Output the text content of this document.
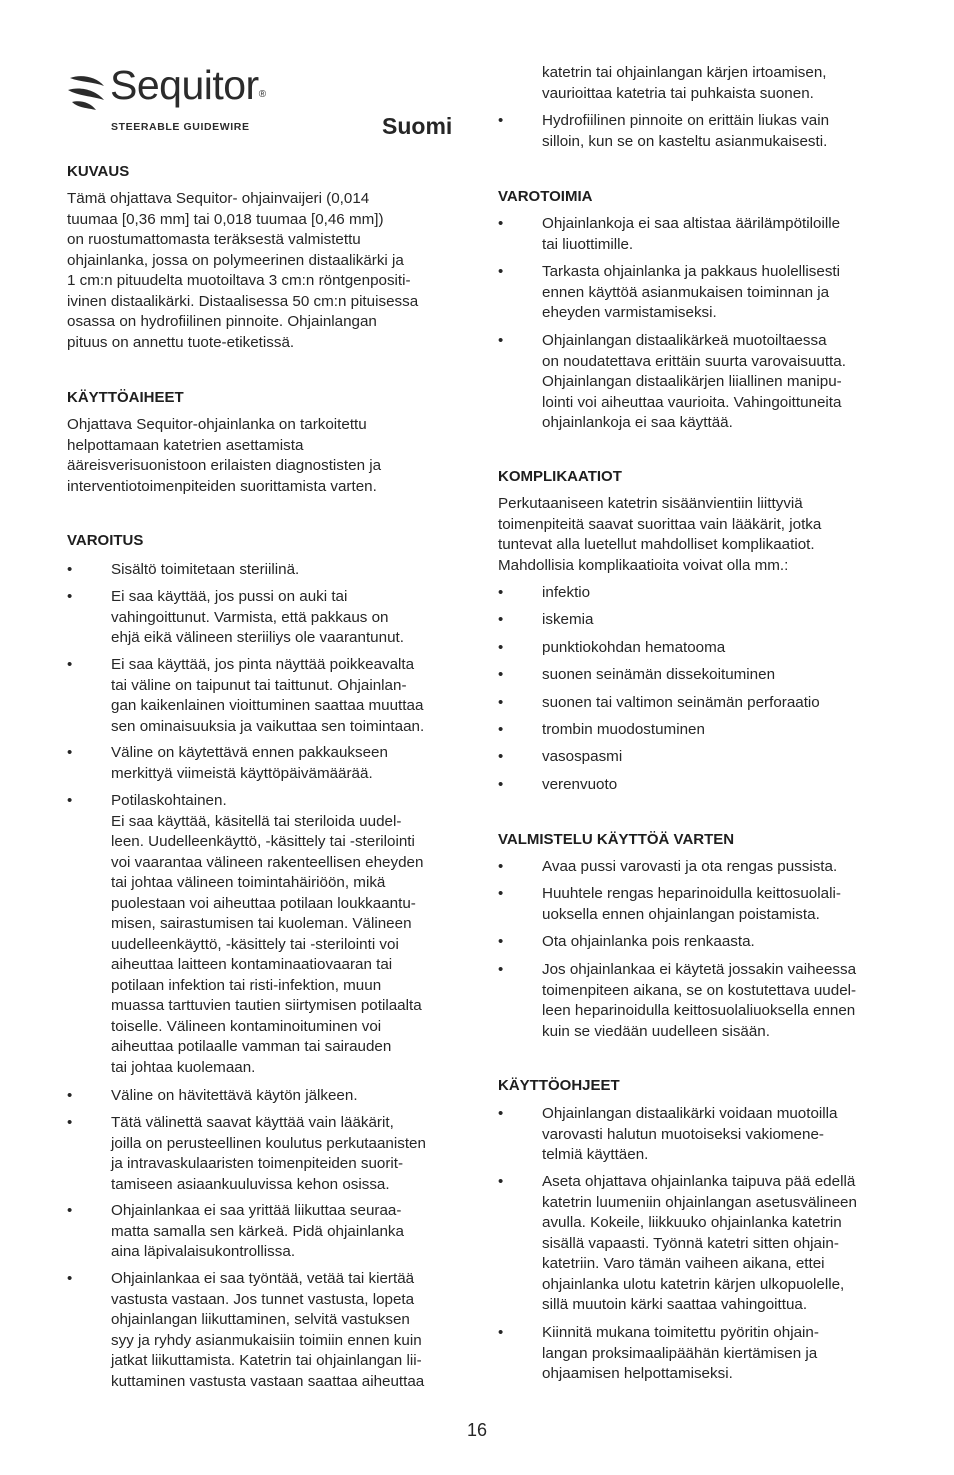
Sequitor®
STEERABLE GUIDEWIRE	Suomi
KUVAUS

Tämä ohjattava Sequitor- ohjainvaijeri (0,014
tuumaa [0,36 mm] tai 0,018 tuumaa [0,46 mm])
on ruostumattomasta teräksestä valmistettu
ohjainlanka, jossa on polymeerinen distaalikärki ja
1 cm:n pituudelta muotoiltava 3 cm:n röntgenpositi-
ivinen distaalikärki. Distaalisessa 50 cm:n pituisessa
osassa on hydrofiilinen pinnoite. Ohjainlangan
pituus on annettu tuote-etiketissä.

KÄYTTÖAIHEET

Ohjattava Sequitor-ohjainlanka on tarkoitettu
helpottamaan katetrien asettamista
ääreisverisuonistoon erilaisten diagnostisten ja
interventiotoimenpiteiden suorittamista varten.

VAROITUS
•	Sisältö toimitetaan steriilinä.
•	Ei saa käyttää, jos pussi on auki tai
vahingoittunut. Varmista, että pakkaus on
ehjä eikä välineen steriiliys ole vaarantunut.
•	Ei saa käyttää, jos pinta näyttää poikkeavalta
tai väline on taipunut tai taittunut. Ohjainlan-
gan kaikenlainen vioittuminen saattaa muuttaa
sen ominaisuuksia ja vaikuttaa sen toimintaan.
•	Väline on käytettävä ennen pakkaukseen
merkittyä viimeistä käyttöpäivämäärää.
•	Potilaskohtainen.
Ei saa käyttää, käsitellä tai steriloida uudel-
leen. Uudelleenkäyttö, -käsittely tai -sterilointi
voi vaarantaa välineen rakenteellisen eheyden
tai johtaa välineen toimintahäiriöön, mikä
puolestaan voi aiheuttaa potilaan loukkaantu-
misen, sairastumisen tai kuoleman. Välineen
uudelleenkäyttö, -käsittely tai -sterilointi voi
aiheuttaa laitteen kontaminaatiovaaran tai
potilaan infektion tai risti-infektion, muun
muassa tarttuvien tautien siirtymisen potilaalta
toiselle. Välineen kontaminoituminen voi
aiheuttaa potilaalle vamman tai sairauden
tai johtaa kuolemaan.
•	Väline on hävitettävä käytön jälkeen.
•	Tätä välinettä saavat käyttää vain lääkärit,
joilla on perusteellinen koulutus perkutaanisten
ja intravaskulaaristen toimenpiteiden suorit-
tamiseen asiaankuuluvissa kehon osissa.
•	Ohjainlankaa ei saa yrittää liikuttaa seuraa-
matta samalla sen kärkeä. Pidä ohjainlanka
aina läpivalaisukontrollissa.
•	Ohjainlankaa ei saa työntää, vetää tai kiertää
vastusta vastaan. Jos tunnet vastusta, lopeta
ohjainlangan liikuttaminen, selvitä vastuksen
syy ja ryhdy asianmukaisiin toimiin ennen kuin
jatkat liikuttamista. Katetrin tai ohjainlangan lii-
kuttaminen vastusta vastaan saattaa aiheuttaa
katetrin tai ohjainlangan kärjen irtoamisen,
vaurioittaa katetria tai puhkaista suonen.
•	Hydrofiilinen pinnoite on erittäin liukas vain
silloin, kun se on kasteltu asianmukaisesti.
VAROTOIMIA
•	Ohjainlankoja ei saa altistaa äärilämpötiloille
tai liuottimille.
•	Tarkasta ohjainlanka ja pakkaus huolellisesti
ennen käyttöä asianmukaisen toiminnan ja
eheyden varmistamiseksi.
•	Ohjainlangan distaalikärkeä muotoiltaessa
on noudatettava erittäin suurta varovaisuutta.
Ohjainlangan distaalikärjen liiallinen manipu-
lointi voi aiheuttaa vaurioita. Vahingoittuneita
ohjainlankoja ei saa käyttää.
KOMPLIKAATIOT

Perkutaaniseen katetrin sisäänvientiin liittyviä
toimenpiteitä saavat suorittaa vain lääkärit, jotka
tuntevat alla luetellut mahdolliset komplikaatiot.
Mahdollisia komplikaatioita voivat olla mm.:

•	infektio
•	iskemia
•	punktiokohdan hematooma
•	suonen seinämän dissekoituminen
•	suonen tai valtimon seinämän perforaatio
•	trombin muodostuminen
•	vasospasmi
•	verenvuoto
VALMISTELU KÄYTTÖÄ VARTEN
•	Avaa pussi varovasti ja ota rengas pussista.
•	Huuhtele rengas heparinoidulla keittosuolali-
uoksella ennen ohjainlangan poistamista.
•	Ota ohjainlanka pois renkaasta.
•	Jos ohjainlankaa ei käytetä jossakin vaiheessa
toimenpiteen aikana, se on kostutettava uudel-
leen heparinoidulla keittosuolaliuoksella ennen
kuin se viedään uudelleen sisään.
KÄYTTÖOHJEET
•	Ohjainlangan distaalikärki voidaan muotoilla
varovasti halutun muotoiseksi vakiomene-
telmiä käyttäen.
•	Aseta ohjattava ohjainlanka taipuva pää edellä
katetrin luumeniin ohjainlangan asetusvälineen
avulla. Kokeile, liikkuuko ohjainlanka katetrin
sisällä vapaasti. Työnnä katetri sitten ohjain-
katetriin. Varo tämän vaiheen aikana, ettei
ohjainlanka ulotu katetrin kärjen ulkopuolelle,
sillä muutoin kärki saattaa vahingoittua.
•	Kiinnitä mukana toimitettu pyöritin ohjain-
langan proksimaalipäähän kiertämisen ja
ohjaamisen helpottamiseksi.
16
